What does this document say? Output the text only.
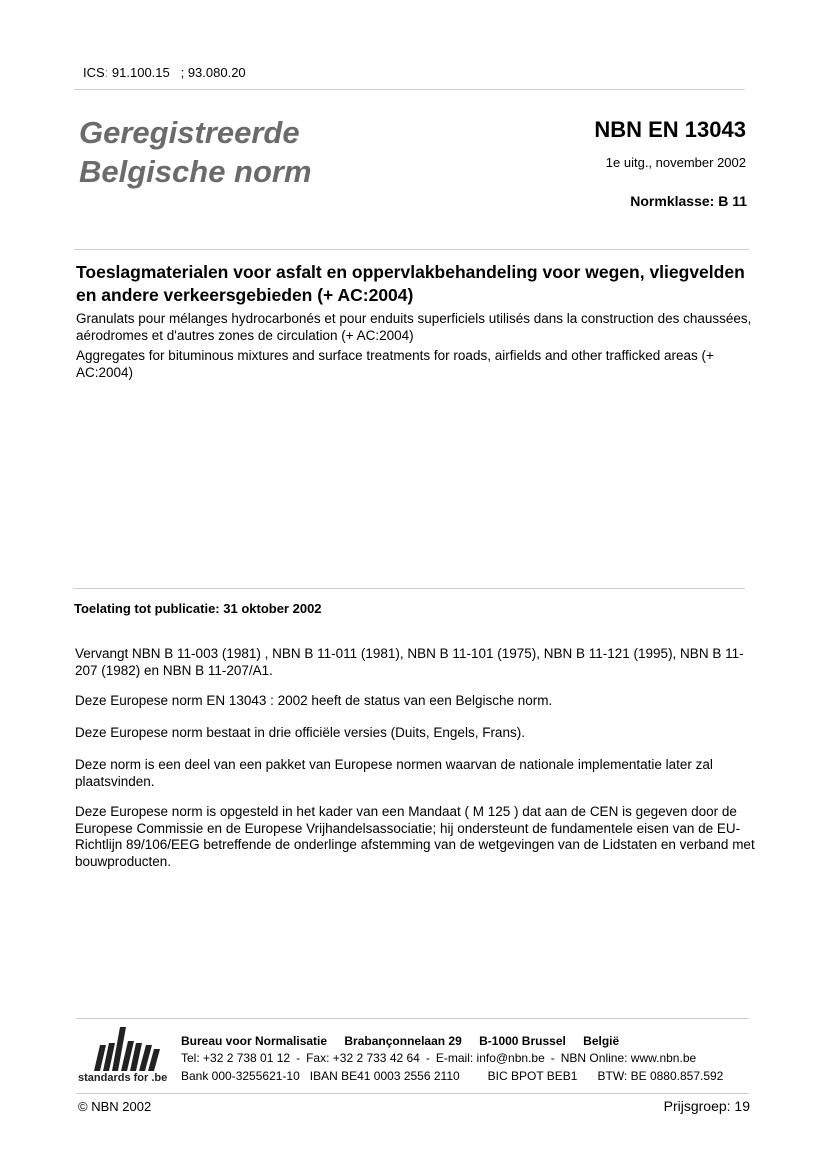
ICS: 91.100.15   ; 93.080.20
Geregistreerde
Belgische norm
NBN EN 13043
1e uitg., november 2002
Normklasse: B 11
Toeslagmaterialen voor asfalt en oppervlakbehandeling voor wegen, vliegvelden en andere verkeersgebieden (+ AC:2004)
Granulats pour mélanges hydrocarbonés et pour enduits superficiels utilisés dans la construction des chaussées, aérodromes et d'autres zones de circulation (+ AC:2004)
Aggregates for bituminous mixtures and surface treatments for roads, airfields and other trafficked areas (+ AC:2004)
Toelating tot publicatie: 31 oktober 2002
Vervangt NBN B 11-003 (1981) , NBN B 11-011 (1981), NBN B 11-101 (1975), NBN B 11-121 (1995), NBN B 11-207 (1982) en NBN B 11-207/A1.
Deze Europese norm EN 13043 : 2002 heeft de status van een Belgische norm.
Deze Europese norm bestaat in drie officiële versies (Duits, Engels, Frans).
Deze norm is een deel van een pakket van Europese normen waarvan de nationale implementatie later zal plaatsvinden.
Deze Europese norm is opgesteld in het kader van een Mandaat ( M 125 ) dat aan de CEN is gegeven door de Europese Commissie en de Europese Vrijhandelsassociatie; hij ondersteunt de fundamentele eisen van de EU-Richtlijn 89/106/EEG betreffende de onderlinge afstemming van de wetgevingen van de Lidstaten en verband met bouwproducten.
standards for .be
Bureau voor Normalisatie Brabançonnelaan 29 B-1000 Brussel België
Tel: +32 2 738 01 12 - Fax: +32 2 733 42 64 - E-mail: info@nbn.be - NBN Online: www.nbn.be
Bank 000-3255621-10 IBAN BE41 0003 2556 2110 BIC BPOT BEB1 BTW: BE 0880.857.592
© NBN 2002	Prijsgroep: 19
